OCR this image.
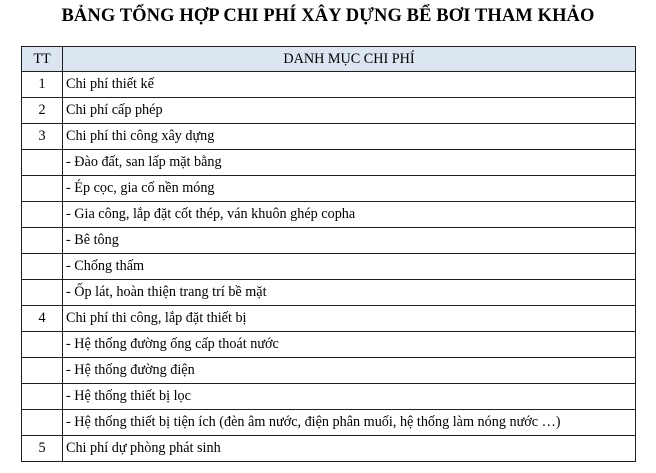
BẢNG TỔNG HỢP CHI PHÍ XÂY DỰNG BỂ BƠI THAM KHẢO
TT	DANH MỤC CHI PHÍ
1	Chi phí thiết kế
2	Chi phí cấp phép
3	Chi phí thi công xây dựng
	- Đào đất, san lấp mặt bằng
	- Ép cọc, gia cố nền móng
	- Gia công, lắp đặt cốt thép, ván khuôn ghép copha
	- Bê tông
	- Chống thấm
	- Ốp lát, hoàn thiện trang trí bề mặt
4	Chi phí thi công, lắp đặt thiết bị
	- Hệ thống đường ống cấp thoát nước
	- Hệ thống đường điện
	- Hệ thống thiết bị lọc
	- Hệ thống thiết bị tiện ích (đèn âm nước, điện phân muối, hệ thống làm nóng nước …)
5	Chi phí dự phòng phát sinh
